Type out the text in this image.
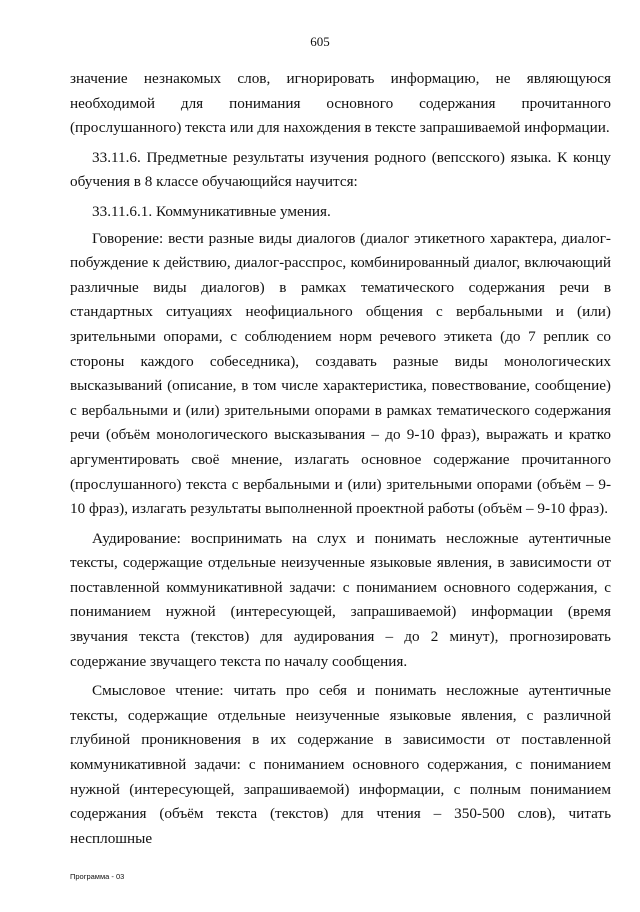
605

значение незнакомых слов, игнорировать информацию, не являющуюся необходимой для понимания основного содержания прочитанного (прослушанного) текста или для нахождения в тексте запрашиваемой информации.

33.11.6. Предметные результаты изучения родного (вепсского) языка. К концу обучения в 8 классе обучающийся научится:

33.11.6.1. Коммуникативные умения.

Говорение: вести разные виды диалогов (диалог этикетного характера, диалог-побуждение к действию, диалог-расспрос, комбинированный диалог, включающий различные виды диалогов) в рамках тематического содержания речи в стандартных ситуациях неофициального общения с вербальными и (или) зрительными опорами, с соблюдением норм речевого этикета (до 7 реплик со стороны каждого собеседника), создавать разные виды монологических высказываний (описание, в том числе характеристика, повествование, сообщение) с вербальными и (или) зрительными опорами в рамках тематического содержания речи (объём монологического высказывания – до 9-10 фраз), выражать и кратко аргументировать своё мнение, излагать основное содержание прочитанного (прослушанного) текста с вербальными и (или) зрительными опорами (объём – 9-10 фраз), излагать результаты выполненной проектной работы (объём – 9-10 фраз).

Аудирование: воспринимать на слух и понимать несложные аутентичные тексты, содержащие отдельные неизученные языковые явления, в зависимости от поставленной коммуникативной задачи: с пониманием основного содержания, с пониманием нужной (интересующей, запрашиваемой) информации (время звучания текста (текстов) для аудирования – до 2 минут), прогнозировать содержание звучащего текста по началу сообщения.

Смысловое чтение: читать про себя и понимать несложные аутентичные тексты, содержащие отдельные неизученные языковые явления, с различной глубиной проникновения в их содержание в зависимости от поставленной коммуникативной задачи: с пониманием основного содержания, с пониманием нужной (интересующей, запрашиваемой) информации, с полным пониманием содержания (объём текста (текстов) для чтения – 350-500 слов), читать несплошные

Программа - 03
